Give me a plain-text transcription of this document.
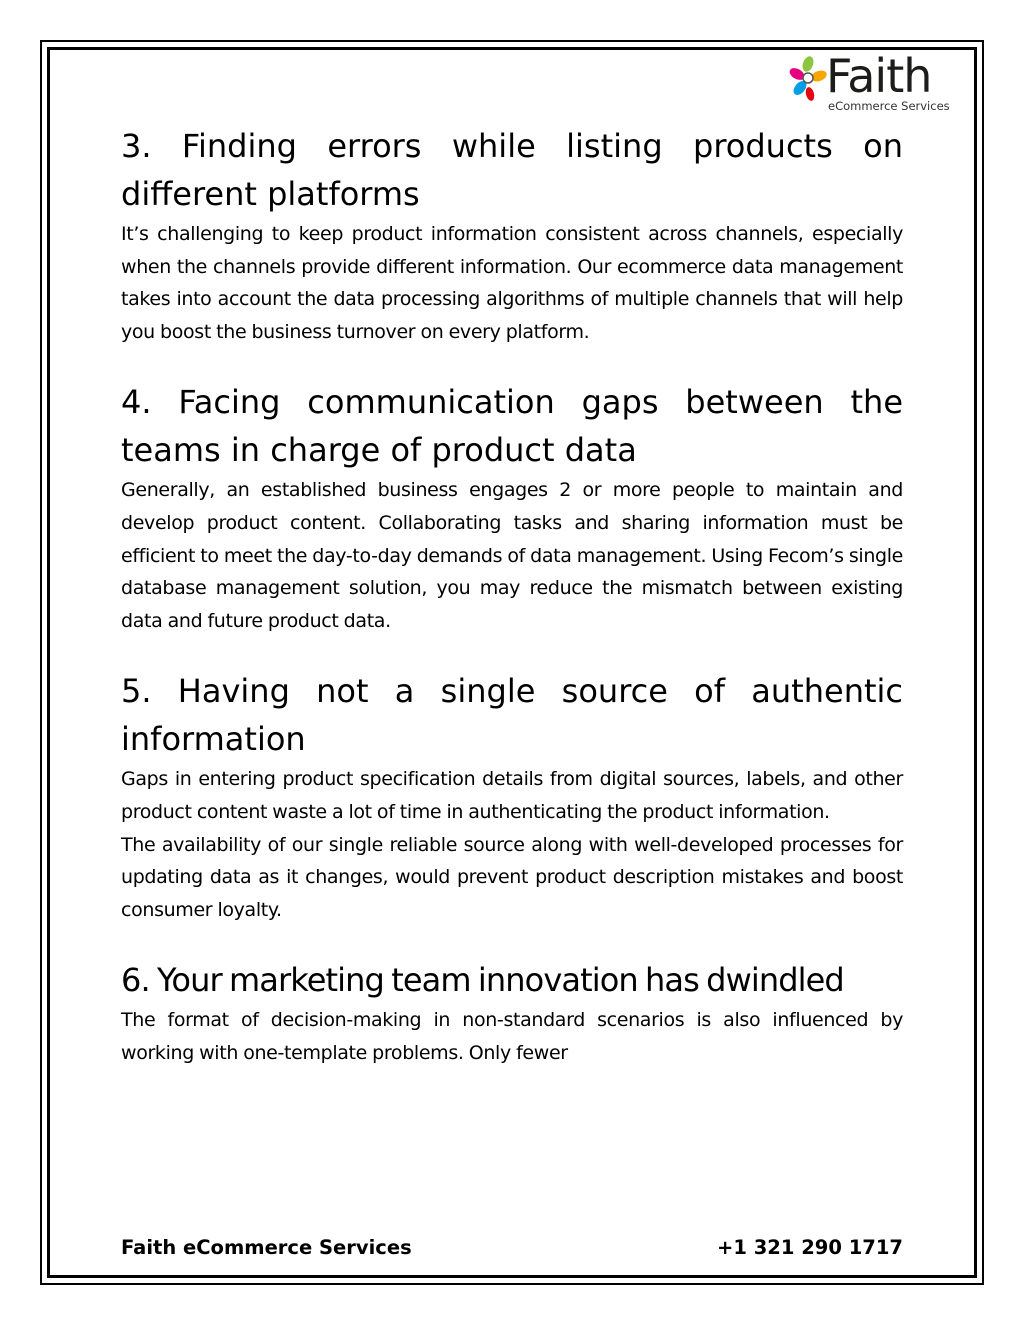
Faith
eCommerce Services
3. Finding errors while listing products on different platforms

It’s challenging to keep product information consistent across channels, especially when the channels provide different information. Our ecommerce data management takes into account the data processing algorithms of multiple channels that will help you boost the business turnover on every platform.

4. Facing communication gaps between the teams in charge of product data

Generally, an established business engages 2 or more people to maintain and develop product content. Collaborating tasks and sharing information must be efficient to meet the day-to-day demands of data management. Using Fecom’s single database management solution, you may reduce the mismatch between existing data and future product data.

5. Having not a single source of authentic information

Gaps in entering product specification details from digital sources, labels, and other product content waste a lot of time in authenticating the product information.

The availability of our single reliable source along with well-developed processes for updating data as it changes, would prevent product description mistakes and boost consumer loyalty.

6. Your marketing team innovation has dwindled

The format of decision-making in non-standard scenarios is also influenced by working with one-template problems. Only fewer

Faith eCommerce Services	+1 321 290 1717
